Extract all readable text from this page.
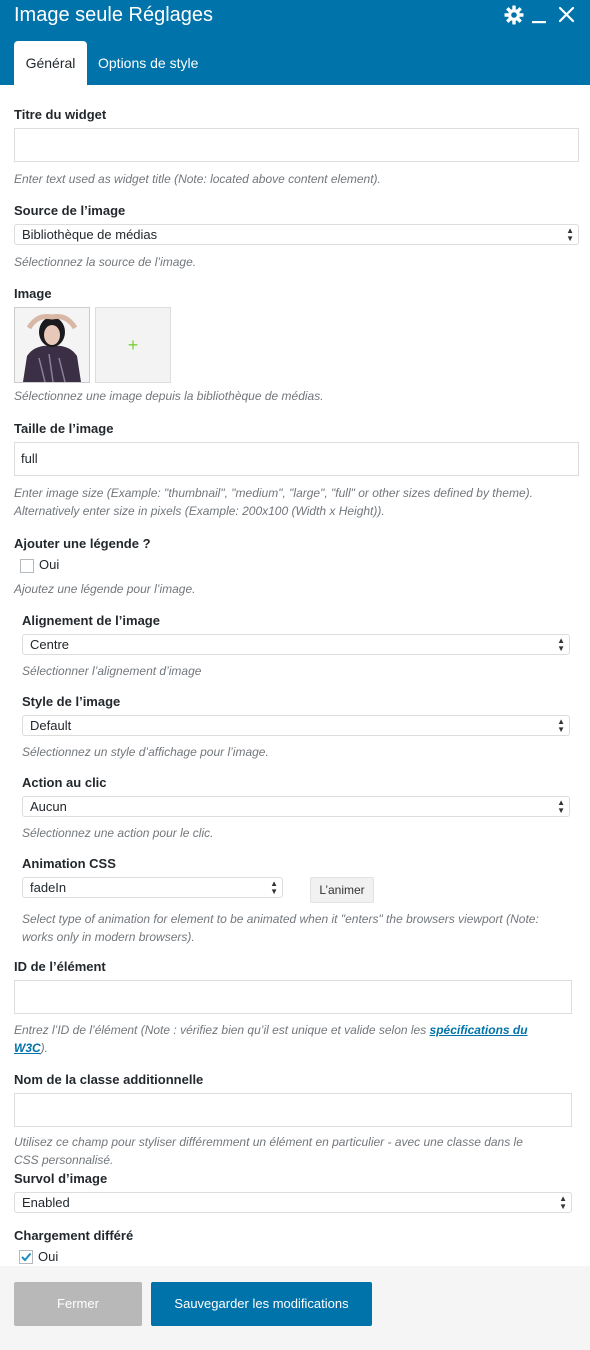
Image seule Réglages
Général	Options de style
Titre du widget
Enter text used as widget title (Note: located above content element).
Source de l’image
Bibliothèque de médias	▲
▼
Sélectionnez la source de l’image.
Image
+
Sélectionnez une image depuis la bibliothèque de médias.
Taille de l’image
full
Enter image size (Example: "thumbnail", "medium", "large", "full" or other sizes defined by theme).
Alternatively enter size in pixels (Example: 200x100 (Width x Height)).
Ajouter une légende ?
Oui
Ajoutez une légende pour l’image.
Alignement de l’image
Centre	▲
▼
Sélectionner l’alignement d’image
Style de l’image
Default	▲
▼
Sélectionnez un style d’affichage pour l’image.
Action au clic
Aucun	▲
▼
Sélectionnez une action pour le clic.
Animation CSS
fadeIn	▲
▼	L’animer
Select type of animation for element to be animated when it "enters" the browsers viewport (Note:
works only in modern browsers).
ID de l’élément
Entrez l’ID de l’élément (Note : vérifiez bien qu’il est unique et valide selon les spécifications du
W3C).
Nom de la classe additionnelle
Utilisez ce champ pour styliser différemment un élément en particulier - avec une classe dans le
CSS personnalisé.
Survol d’image
Enabled	▲
▼
Chargement différé
Oui
Fermer	Sauvegarder les modifications
